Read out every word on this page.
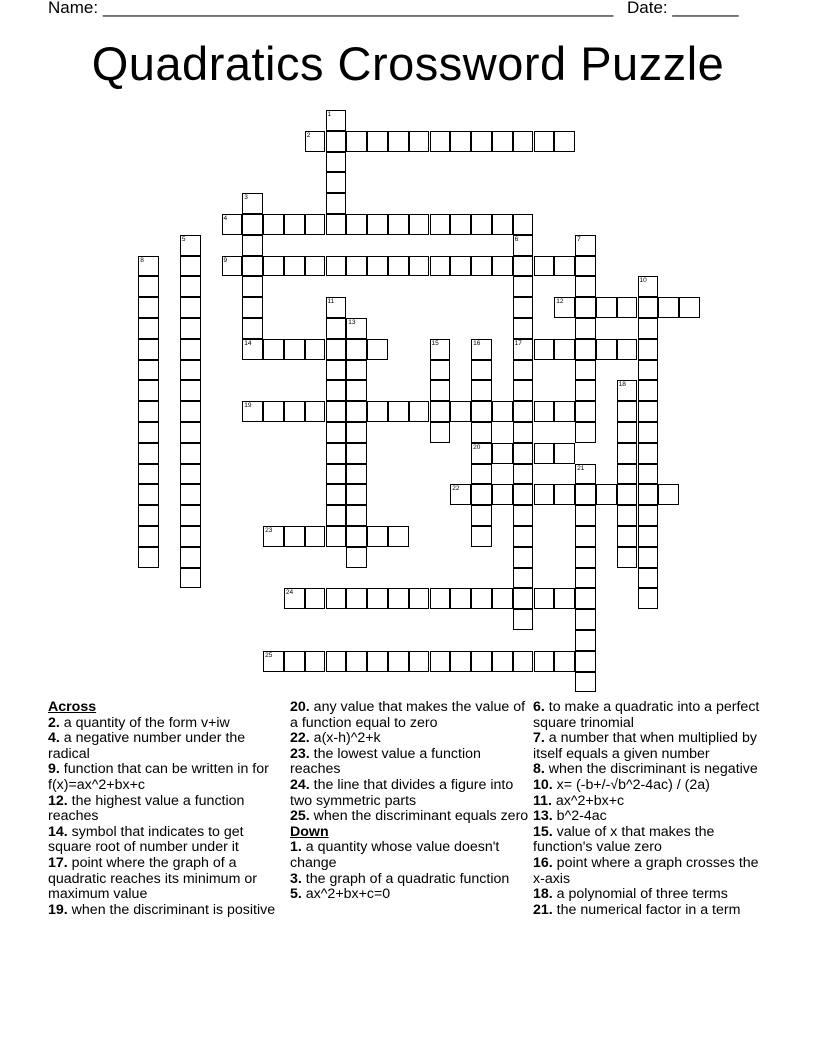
Name: ______________________________________________________ Date: _______
Quadratics Crossword Puzzle
1
2
3
4
5	6
17
7
8	9
10
11	12
13
14	15	16
20
18
19
21
22
23
24
25
Across
2. a quantity of the form v+iw
4. a negative number under the radical
9. function that can be written in for f(x)=ax^2+bx+c
12. the highest value a function reaches
14. symbol that indicates to get square root of number under it
17. point where the graph of a quadratic reaches its minimum or maximum value
19. when the discriminant is positive
20. any value that makes the value of a function equal to zero
22. a(x-h)^2+k
23. the lowest value a function reaches
24. the line that divides a figure into two symmetric parts
25. when the discriminant equals zero
Down
1. a quantity whose value doesn't change
3. the graph of a quadratic function
5. ax^2+bx+c=0
6. to make a quadratic into a perfect square trinomial
7. a number that when multiplied by itself equals a given number
8. when the discriminant is negative
10. x= (-b+/-√b^2-4ac) / (2a)
11. ax^2+bx+c
13. b^2-4ac
15. value of x that makes the function's value zero
16. point where a graph crosses the x-axis
18. a polynomial of three terms
21. the numerical factor in a term
